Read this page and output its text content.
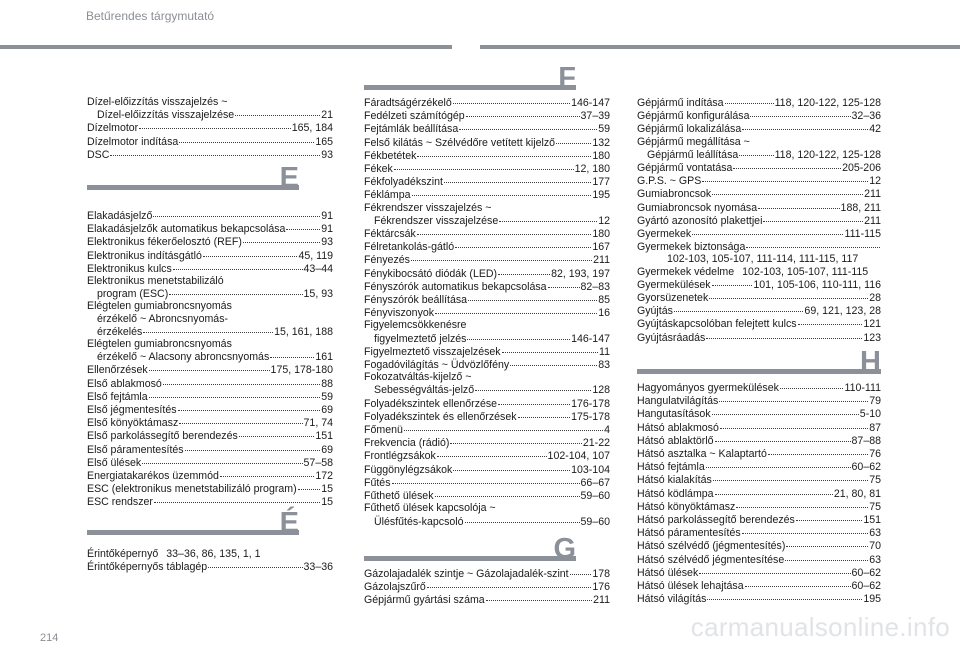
Betűrendes tárgymutató
Dízel-előizzítás visszajelzés ~
Dízel-előizzítás visszajelzése	21
Dízelmotor	165, 184
Dízelmotor indítása	165
DSC	93
E
Elakadásjelző	91
Elakadásjelzők automatikus bekapcsolása	91
Elektronikus fékerőelosztó (REF)	93
Elektronikus indításgátló	45, 119
Elektronikus kulcs	43–44
Elektronikus menetstabilizáló
program (ESC)	15, 93
Elégtelen gumiabroncsnyomás
érzékelő ~ Abroncsnyomás-
érzékelés	15, 161, 188
Elégtelen gumiabroncsnyomás
érzékelő ~ Alacsony abroncsnyomás	161
Ellenőrzések	175, 178-180
Első ablakmosó	88
Első fejtámla	59
Első jégmentesítés	69
Első könyöktámasz	71, 74
Első parkolássegítő berendezés	151
Első páramentesítés	69
Első ülések	57–58
Energiatakarékos üzemmód	172
ESC (elektronikus menetstabilizáló program) 15
ESC rendszer	15
É
Érintőképernyő 33–36, 86, 135, 1, 1
Érintőképernyős táblagép	33–36
F
Fáradtságérzékelő	146-147
Fedélzeti számítógép	37–39
Fejtámlák beállítása	59
Felső kilátás ~ Szélvédőre vetített kijelző	132
Fékbetétek	180
Fékek	12, 180
Fékfolyadékszint	177
Féklámpa	195
Fékrendszer visszajelzés ~
Fékrendszer visszajelzése	12
Féktárcsák	180
Félretankolás-gátló	167
Fényezés	211
Fénykibocsátó diódák (LED)	82, 193, 197
Fényszórók automatikus bekapcsolása	82–83
Fényszórók beállítása	85
Fényviszonyok	16
Figyelemcsökkenésre
figyelmeztető jelzés	146-147
Figyelmeztető visszajelzések	11
Fogadóvilágítás ~ Üdvözlőfény	83
Fokozatváltás-kijelző ~
Sebességváltás-jelző	128
Folyadékszintek ellenőrzése	176-178
Folyadékszintek és ellenőrzések	175-178
Főmenü	4
Frekvencia (rádió)	21-22
Frontlégzsákok	102-104, 107
Függönylégzsákok	103-104
Fűtés	66–67
Fűthető ülések	59–60
Fűthető ülések kapcsolója ~
Ülésfűtés-kapcsoló	59–60
G
Gázolajadalék szintje ~ Gázolajadalék-szint 178
Gázolajszűrő	176
Gépjármű gyártási száma	211
Gépjármű indítása	118, 120-122, 125-128
Gépjármű konfigurálása	32–36
Gépjármű lokalizálása	42
Gépjármű megállítása ~
Gépjármű leállítása	118, 120-122, 125-128
Gépjármű vontatása	205-206
G.P.S. ~ GPS	12
Gumiabroncsok	211
Gumiabroncsok nyomása	188, 211
Gyártó azonosító plakettjei	211
Gyermekek	111-115
Gyermekek biztonsága
102-103, 105-107, 111-114, 111-115, 117
Gyermekek védelme 102-103, 105-107, 111-115
Gyermekülések	101, 105-106, 110-111, 116
Gyorsüzenetek	28
Gyújtás	69, 121, 123, 28
Gyújtáskapcsolóban felejtett kulcs	121
Gyújtásráadás	123
H
Hagyományos gyermekülések	110-111
Hangulatvilágítás	79
Hangutasítások	5-10
Hátsó ablakmosó	87
Hátsó ablaktörlő	87–88
Hátsó asztalka ~ Kalaptartó	76
Hátsó fejtámla	60–62
Hátsó kialakítás	75
Hátsó ködlámpa	21, 80, 81
Hátsó könyöktámasz	75
Hátsó parkolássegítő berendezés	151
Hátsó páramentesítés	63
Hátsó szélvédő (jégmentesítés)	70
Hátsó szélvédő jégmentesítése	63
Hátsó ülések	60–62
Hátsó ülések lehajtása	60–62
Hátsó világítás	195
214	carmanualsonline.info
